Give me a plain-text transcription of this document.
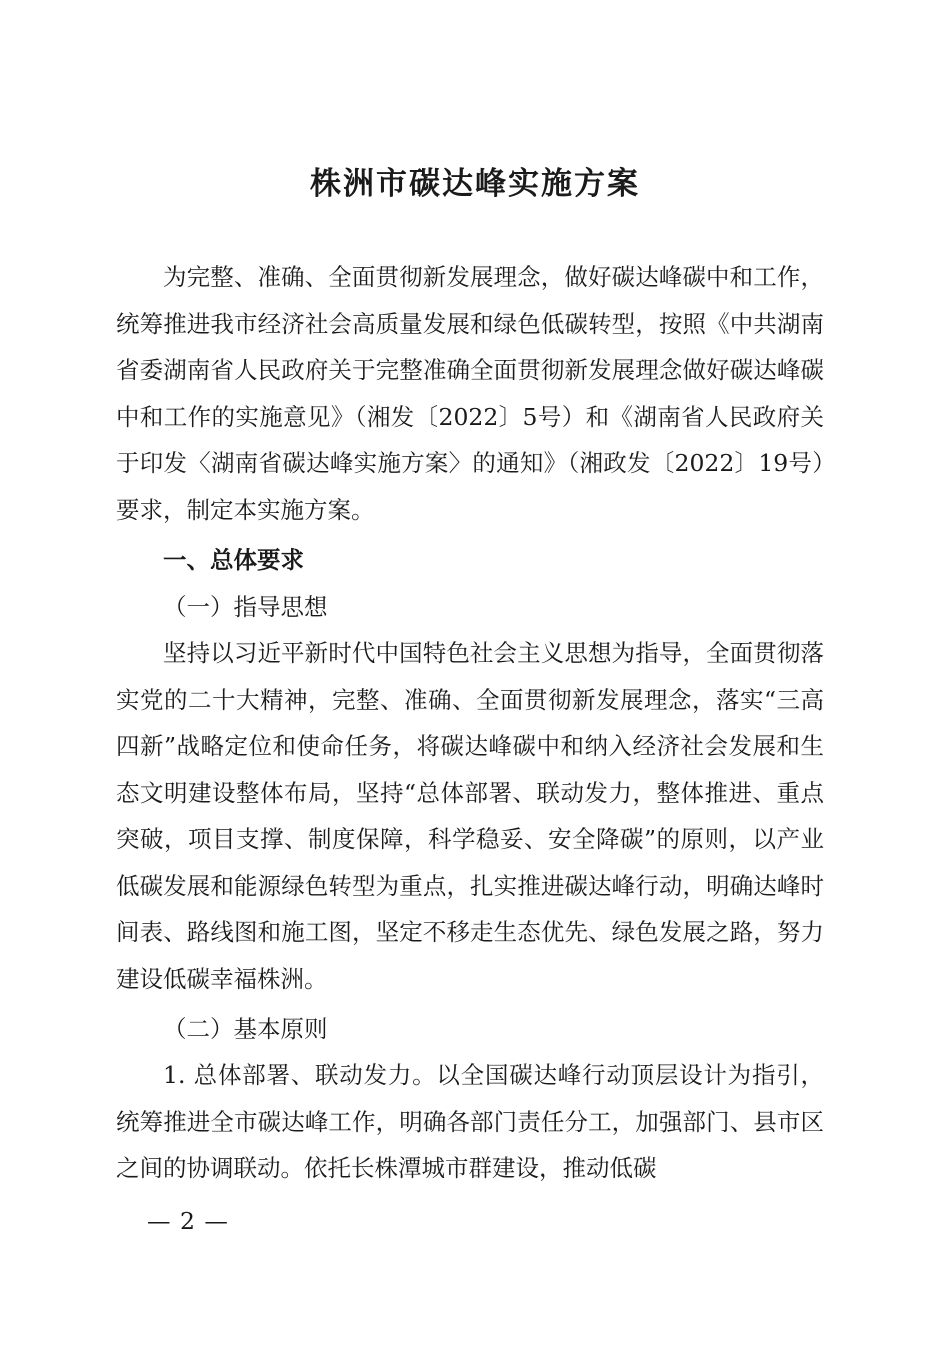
株洲市碳达峰实施方案

为完整、准确、全面贯彻新发展理念，做好碳达峰碳中和工作，统筹推进我市经济社会高质量发展和绿色低碳转型，按照《中共湖南省委湖南省人民政府关于完整准确全面贯彻新发展理念做好碳达峰碳中和工作的实施意见》（湘发〔2022〕5号）和《湖南省人民政府关于印发〈湖南省碳达峰实施方案〉的通知》（湘政发〔2022〕19号）要求，制定本实施方案。

一、总体要求
（一）指导思想

坚持以习近平新时代中国特色社会主义思想为指导，全面贯彻落实党的二十大精神，完整、准确、全面贯彻新发展理念，落实“三高四新”战略定位和使命任务，将碳达峰碳中和纳入经济社会发展和生态文明建设整体布局，坚持“总体部署、联动发力，整体推进、重点突破，项目支撑、制度保障，科学稳妥、安全降碳”的原则，以产业低碳发展和能源绿色转型为重点，扎实推进碳达峰行动，明确达峰时间表、路线图和施工图，坚定不移走生态优先、绿色发展之路，努力建设低碳幸福株洲。

（二）基本原则

1. 总体部署、联动发力。以全国碳达峰行动顶层设计为指引，统筹推进全市碳达峰工作，明确各部门责任分工，加强部门、县市区之间的协调联动。依托长株潭城市群建设，推动低碳

— 2 —
